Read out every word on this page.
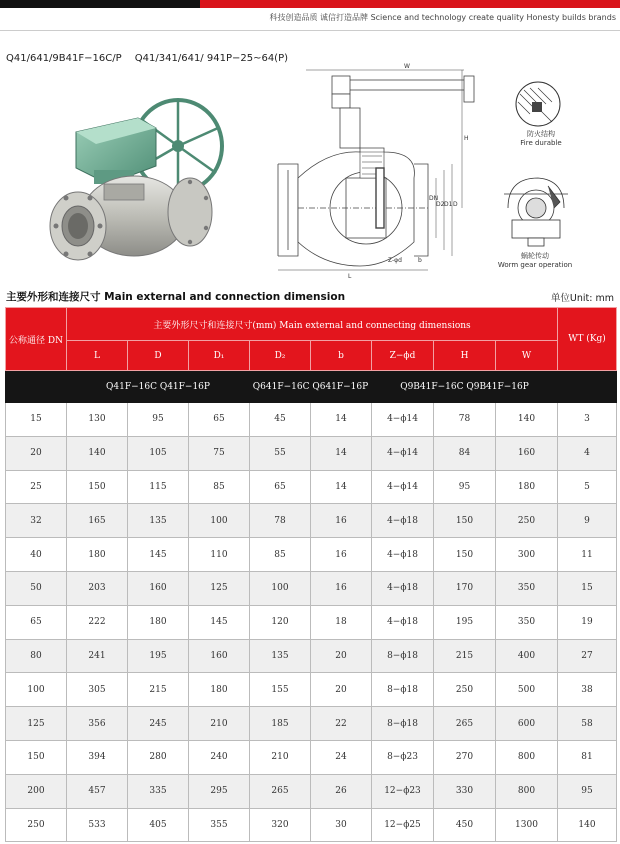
科技创造品质 诚信打造品牌 Science and technology create quality Honesty builds brands
Q41/641/9B41F−16C/P Q41/341/641/ 941P−25~64(P)
W
H
DN
D2 D1 D
L
Z-φd	b
防火结构
Fire durable
蜗轮传动
Worm gear operation
主要外形和连接尺寸 Main external and connection dimension	单位Unit: mm
公称通径 DN	主要外形尺寸和连接尺寸(mm) Main external and connecting dimensions								WT (Kg)
	L	D	D₁	D₂	b	Z−ϕd	H	W	
	Q41F−16C Q41F−16P			Q641F−16C Q641F−16P		Q9B41F−16C Q9B41F−16P			
15	130	95	65	45	14	4−ϕ14	78	140	3
20	140	105	75	55	14	4−ϕ14	84	160	4
25	150	115	85	65	14	4−ϕ14	95	180	5
32	165	135	100	78	16	4−ϕ18	150	250	9
40	180	145	110	85	16	4−ϕ18	150	300	11
50	203	160	125	100	16	4−ϕ18	170	350	15
65	222	180	145	120	18	4−ϕ18	195	350	19
80	241	195	160	135	20	8−ϕ18	215	400	27
100	305	215	180	155	20	8−ϕ18	250	500	38
125	356	245	210	185	22	8−ϕ18	265	600	58
150	394	280	240	210	24	8−ϕ23	270	800	81
200	457	335	295	265	26	12−ϕ23	330	800	95
250	533	405	355	320	30	12−ϕ25	450	1300	140
